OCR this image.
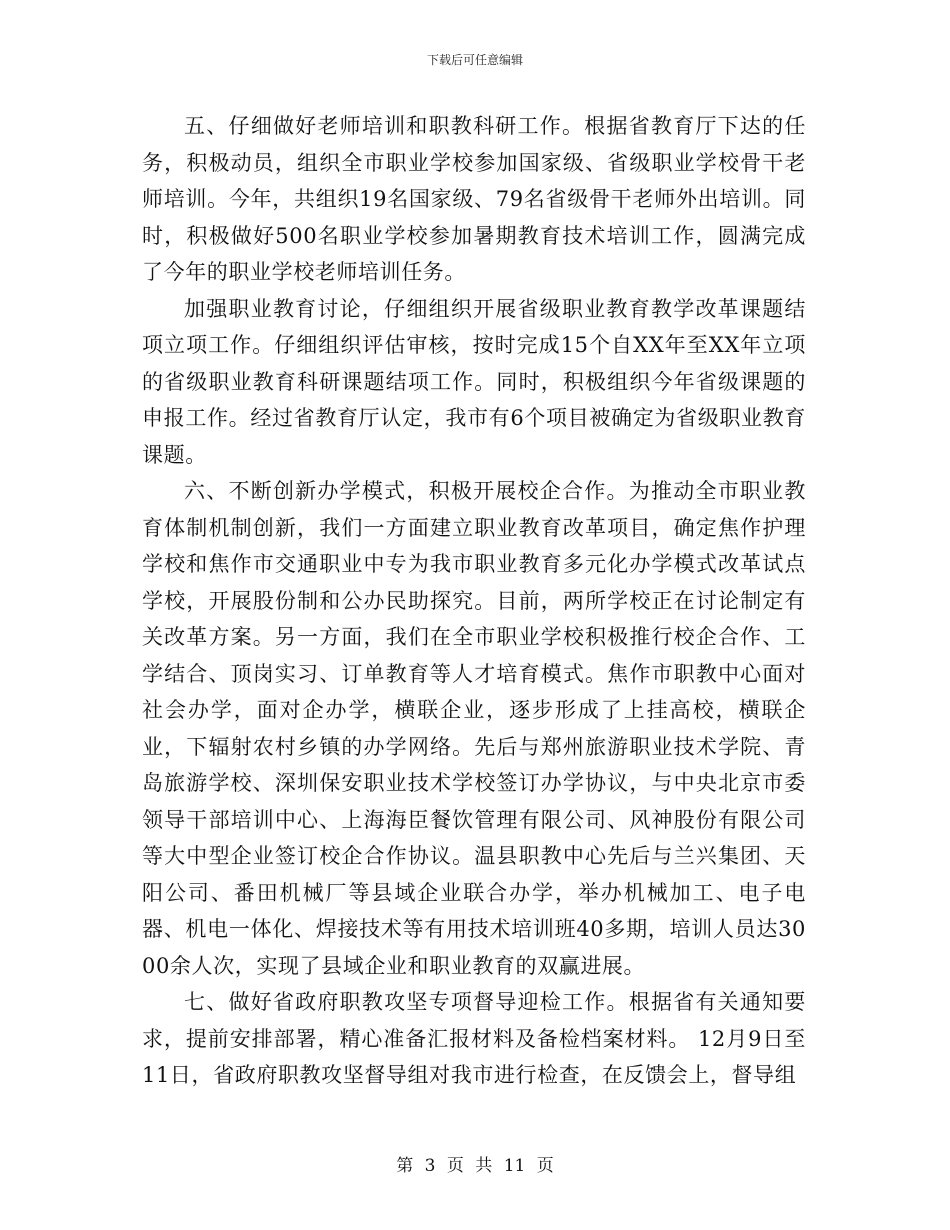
下载后可任意编辑

五、仔细做好老师培训和职教科研工作。根据省教育厅下达的任务，积极动员，组织全市职业学校参加国家级、省级职业学校骨干老师培训。今年，共组织19名国家级、79名省级骨干老师外出培训。同时，积极做好500名职业学校参加暑期教育技术培训工作，圆满完成了今年的职业学校老师培训任务。

加强职业教育讨论，仔细组织开展省级职业教育教学改革课题结项立项工作。仔细组织评估审核，按时完成15个自XX年至XX年立项的省级职业教育科研课题结项工作。同时，积极组织今年省级课题的申报工作。经过省教育厅认定，我市有6个项目被确定为省级职业教育课题。

六、不断创新办学模式，积极开展校企合作。为推动全市职业教育体制机制创新，我们一方面建立职业教育改革项目，确定焦作护理学校和焦作市交通职业中专为我市职业教育多元化办学模式改革试点学校，开展股份制和公办民助探究。目前，两所学校正在讨论制定有关改革方案。另一方面，我们在全市职业学校积极推行校企合作、工学结合、顶岗实习、订单教育等人才培育模式。焦作市职教中心面对社会办学，面对企办学，横联企业，逐步形成了上挂高校，横联企业，下辐射农村乡镇的办学网络。先后与郑州旅游职业技术学院、青岛旅游学校、深圳保安职业技术学校签订办学协议，与中央北京市委领导干部培训中心、上海海臣餐饮管理有限公司、风神股份有限公司等大中型企业签订校企合作协议。温县职教中心先后与兰兴集团、天阳公司、番田机械厂等县域企业联合办学，举办机械加工、电子电器、机电一体化、焊接技术等有用技术培训班40多期，培训人员达3000余人次，实现了县域企业和职业教育的双赢进展。

七、做好省政府职教攻坚专项督导迎检工作。根据省有关通知要求，提前安排部署，精心准备汇报材料及备检档案材料。 12月9日至11日，省政府职教攻坚督导组对我市进行检查，在反馈会上，督导组

第 3 页 共 11 页
